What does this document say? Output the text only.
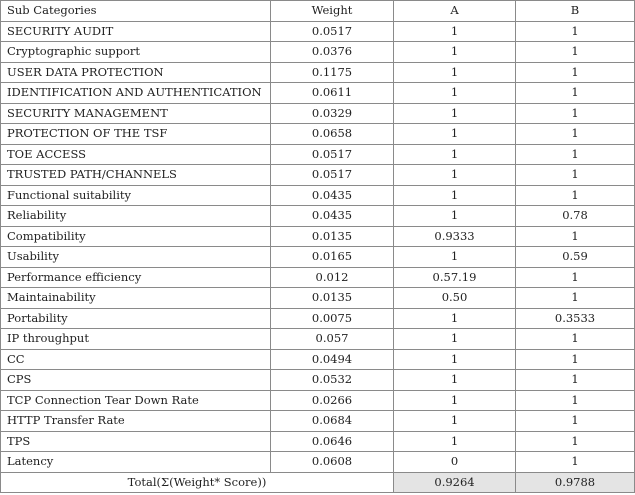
Sub Categories	Weight	A	B
SECURITY AUDIT	0.0517	1	1
Cryptographic support	0.0376	1	1
USER DATA PROTECTION	0.1175	1	1
IDENTIFICATION AND AUTHENTICATION	0.0611	1	1
SECURITY MANAGEMENT	0.0329	1	1
PROTECTION OF THE TSF	0.0658	1	1
TOE ACCESS	0.0517	1	1
TRUSTED PATH/CHANNELS	0.0517	1	1
Functional suitability	0.0435	1	1
Reliability	0.0435	1	0.78
Compatibility	0.0135	0.9333	1
Usability	0.0165	1	0.59
Performance efficiency	0.012	0.57.19	1
Maintainability	0.0135	0.50	1
Portability	0.0075	1	0.3533
IP throughput	0.057	1	1
CC	0.0494	1	1
CPS	0.0532	1	1
TCP Connection Tear Down Rate	0.0266	1	1
HTTP Transfer Rate	0.0684	1	1
TPS	0.0646	1	1
Latency	0.0608	0	1
Total(Σ(Weight* Score))		0.9264	0.9788
